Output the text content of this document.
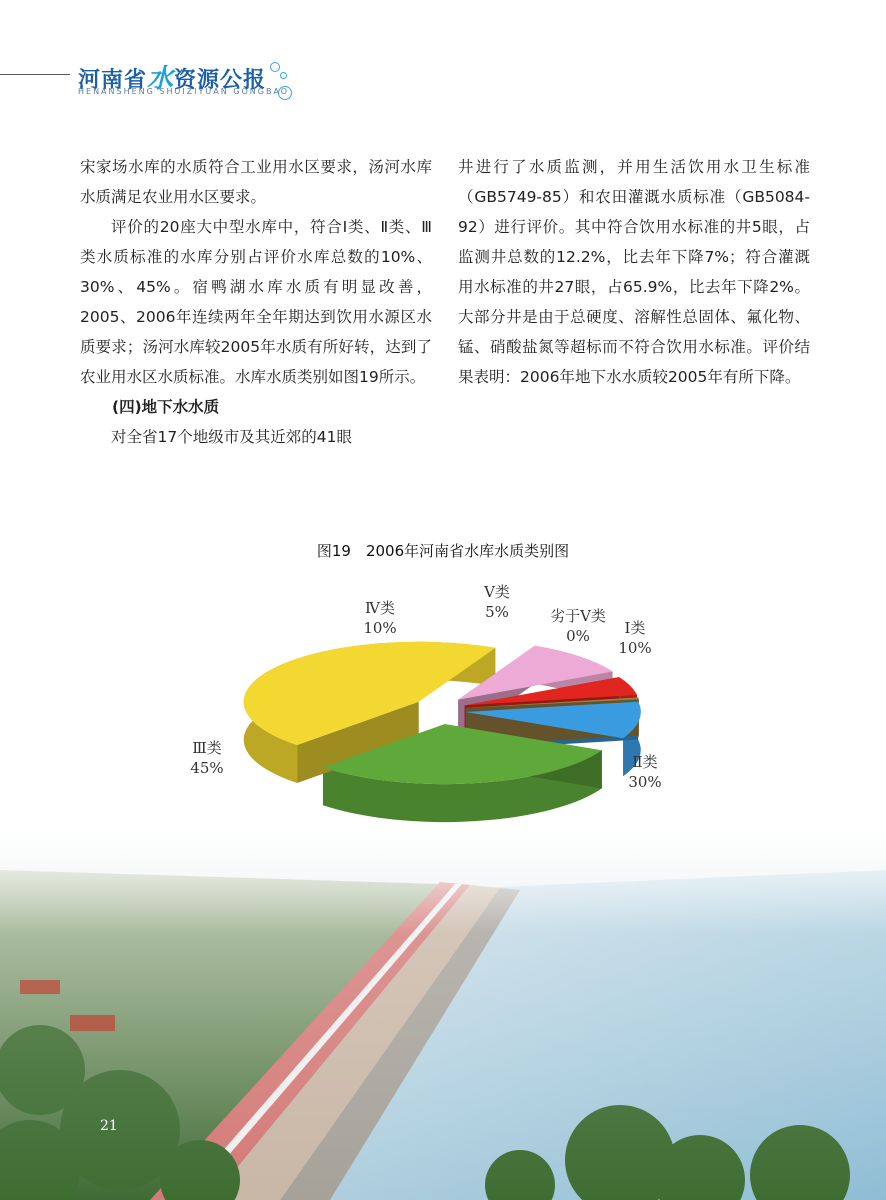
河南省水资源公报
HENANSHENG SHUIZIYUAN GONGBAO

宋家场水库的水质符合工业用水区要求，汤河水库水质满足农业用水区要求。

评价的20座大中型水库中，符合Ⅰ类、Ⅱ类、Ⅲ类水质标准的水库分别占评价水库总数的10%、30%、45%。宿鸭湖水库水质有明显改善，2005、2006年连续两年全年期达到饮用水源区水质要求；汤河水库较2005年水质有所好转，达到了农业用水区水质标准。水库水质类别如图19所示。

(四)地下水水质

对全省17个地级市及其近郊的41眼

井进行了水质监测，并用生活饮用水卫生标准（GB5749-85）和农田灌溉水质标准（GB5084-92）进行评价。其中符合饮用水标准的井5眼，占监测井总数的12.2%，比去年下降7%；符合灌溉用水标准的井27眼，占65.9%，比去年下降2%。大部分井是由于总硬度、溶解性总固体、氟化物、锰、硝酸盐氮等超标而不符合饮用水标准。评价结果表明：2006年地下水水质较2005年有所下降。

图19　2006年河南省水库水质类别图
Ⅰ类
10%
Ⅱ类
30%
Ⅲ类
45%
Ⅳ类
10%
Ⅴ类
5%	劣于Ⅴ类
0%
21
